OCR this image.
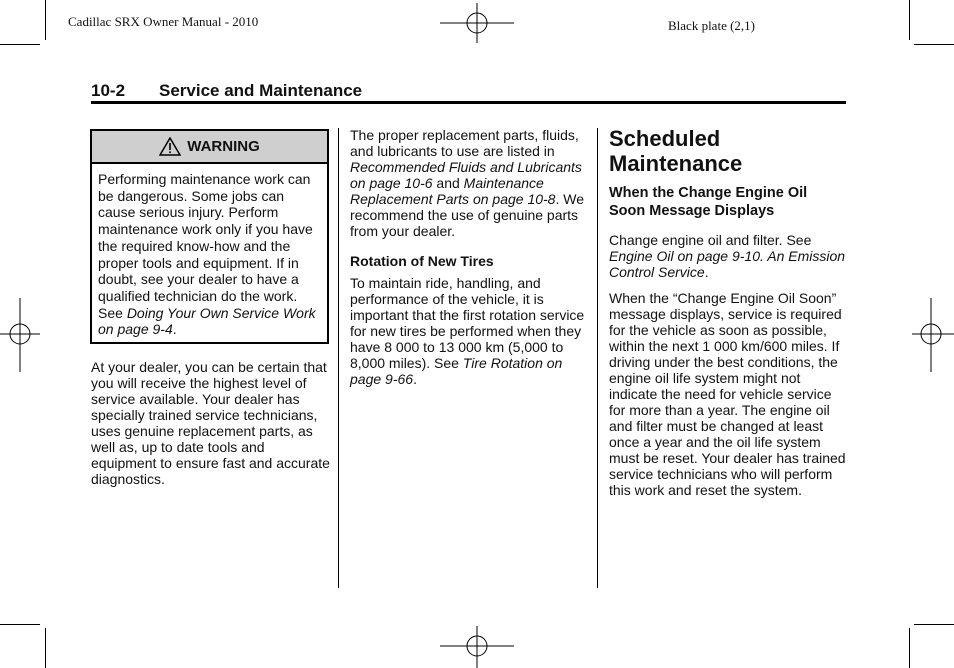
Cadillac SRX Owner Manual - 2010	Black plate (2,1)
10-2 Service and Maintenance
WARNING
Performing maintenance work can be dangerous. Some jobs can cause serious injury. Perform maintenance work only if you have the required know-how and the proper tools and equipment. If in doubt, see your dealer to have a qualified technician do the work. See Doing Your Own Service Work on page 9-4.

At your dealer, you can be certain that you will receive the highest level of service available. Your dealer has specially trained service technicians, uses genuine replacement parts, as well as, up to date tools and equipment to ensure fast and accurate diagnostics.

The proper replacement parts, fluids, and lubricants to use are listed in Recommended Fluids and Lubricants on page 10-6 and Maintenance Replacement Parts on page 10-8. We recommend the use of genuine parts from your dealer.

Rotation of New Tires

To maintain ride, handling, and performance of the vehicle, it is important that the first rotation service for new tires be performed when they have 8 000 to 13 000 km (5,000 to 8,000 miles). See Tire Rotation on page 9-66.

Scheduled Maintenance
When the Change Engine Oil Soon Message Displays

Change engine oil and filter. See Engine Oil on page 9-10. An Emission Control Service.

When the “Change Engine Oil Soon” message displays, service is required for the vehicle as soon as possible, within the next 1 000 km/600 miles. If driving under the best conditions, the engine oil life system might not indicate the need for vehicle service for more than a year. The engine oil and filter must be changed at least once a year and the oil life system must be reset. Your dealer has trained service technicians who will perform this work and reset the system.
